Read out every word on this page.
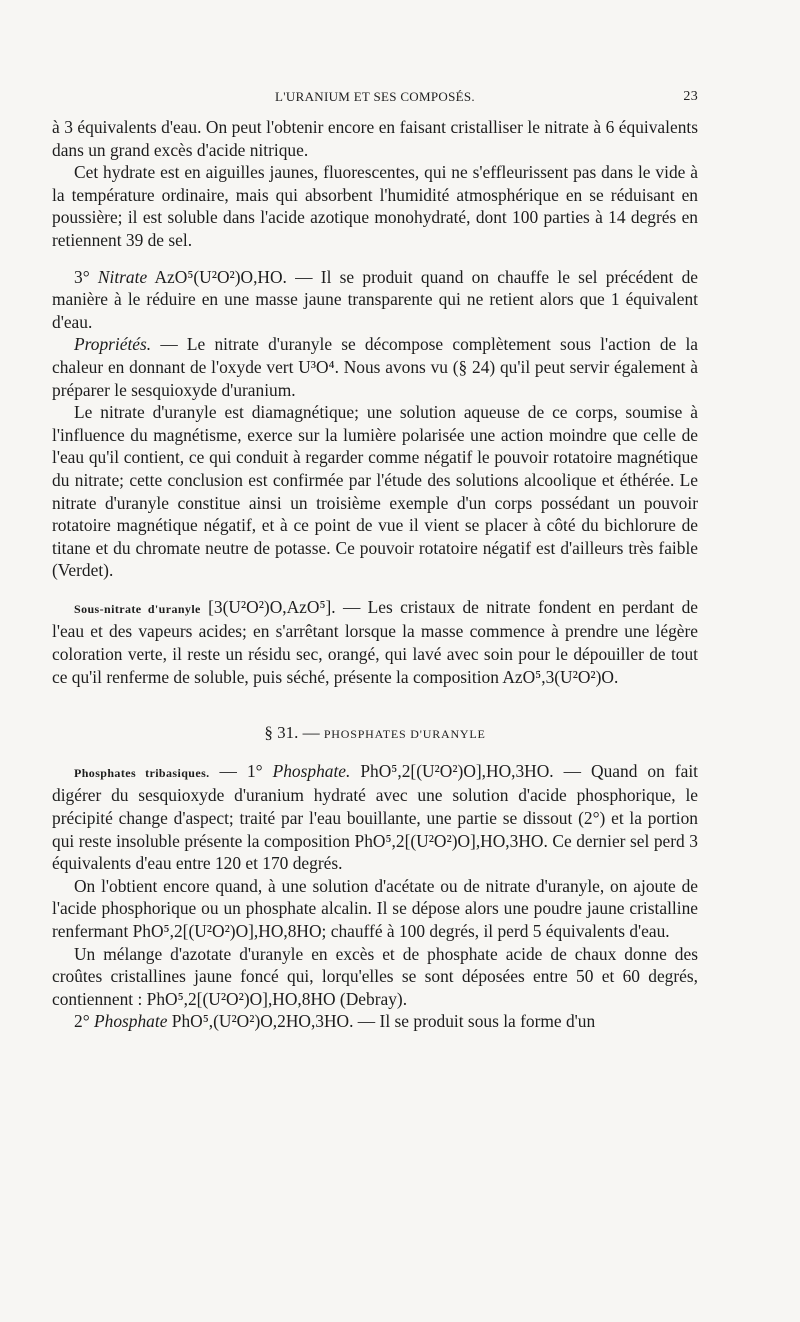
L'URANIUM ET SES COMPOSÉS.	23

à 3 équivalents d'eau. On peut l'obtenir encore en faisant cristalliser le nitrate à 6 équivalents dans un grand excès d'acide nitrique.

Cet hydrate est en aiguilles jaunes, fluorescentes, qui ne s'effleurissent pas dans le vide à la température ordinaire, mais qui absorbent l'humidité atmosphérique en se réduisant en poussière; il est soluble dans l'acide azotique monohydraté, dont 100 parties à 14 degrés en retiennent 39 de sel.

3° Nitrate AzO⁵(U²O²)O,HO. — Il se produit quand on chauffe le sel précédent de manière à le réduire en une masse jaune transparente qui ne retient alors que 1 équivalent d'eau.

Propriétés. — Le nitrate d'uranyle se décompose complètement sous l'action de la chaleur en donnant de l'oxyde vert U³O⁴. Nous avons vu (§ 24) qu'il peut servir également à préparer le sesquioxyde d'uranium.

Le nitrate d'uranyle est diamagnétique; une solution aqueuse de ce corps, soumise à l'influence du magnétisme, exerce sur la lumière polarisée une action moindre que celle de l'eau qu'il contient, ce qui conduit à regarder comme négatif le pouvoir rotatoire magnétique du nitrate; cette conclusion est confirmée par l'étude des solutions alcoolique et éthérée. Le nitrate d'uranyle constitue ainsi un troisième exemple d'un corps possédant un pouvoir rotatoire magnétique négatif, et à ce point de vue il vient se placer à côté du bichlorure de titane et du chromate neutre de potasse. Ce pouvoir rotatoire négatif est d'ailleurs très faible (Verdet).

Sous-nitrate d'uranyle [3(U²O²)O,AzO⁵]. — Les cristaux de nitrate fondent en perdant de l'eau et des vapeurs acides; en s'arrêtant lorsque la masse commence à prendre une légère coloration verte, il reste un résidu sec, orangé, qui lavé avec soin pour le dépouiller de tout ce qu'il renferme de soluble, puis séché, présente la composition AzO⁵,3(U²O²)O.

§ 31. — PHOSPHATES D'URANYLE

Phosphates tribasiques. — 1° Phosphate. PhO⁵,2[(U²O²)O],HO,3HO. — Quand on fait digérer du sesquioxyde d'uranium hydraté avec une solution d'acide phosphorique, le précipité change d'aspect; traité par l'eau bouillante, une partie se dissout (2°) et la portion qui reste insoluble présente la composition PhO⁵,2[(U²O²)O],HO,3HO. Ce dernier sel perd 3 équivalents d'eau entre 120 et 170 degrés.

On l'obtient encore quand, à une solution d'acétate ou de nitrate d'uranyle, on ajoute de l'acide phosphorique ou un phosphate alcalin. Il se dépose alors une poudre jaune cristalline renfermant PhO⁵,2[(U²O²)O],HO,8HO; chauffé à 100 degrés, il perd 5 équivalents d'eau.

Un mélange d'azotate d'uranyle en excès et de phosphate acide de chaux donne des croûtes cristallines jaune foncé qui, lorqu'elles se sont déposées entre 50 et 60 degrés, contiennent : PhO⁵,2[(U²O²)O],HO,8HO (Debray).

2° Phosphate PhO⁵,(U²O²)O,2HO,3HO. — Il se produit sous la forme d'un
